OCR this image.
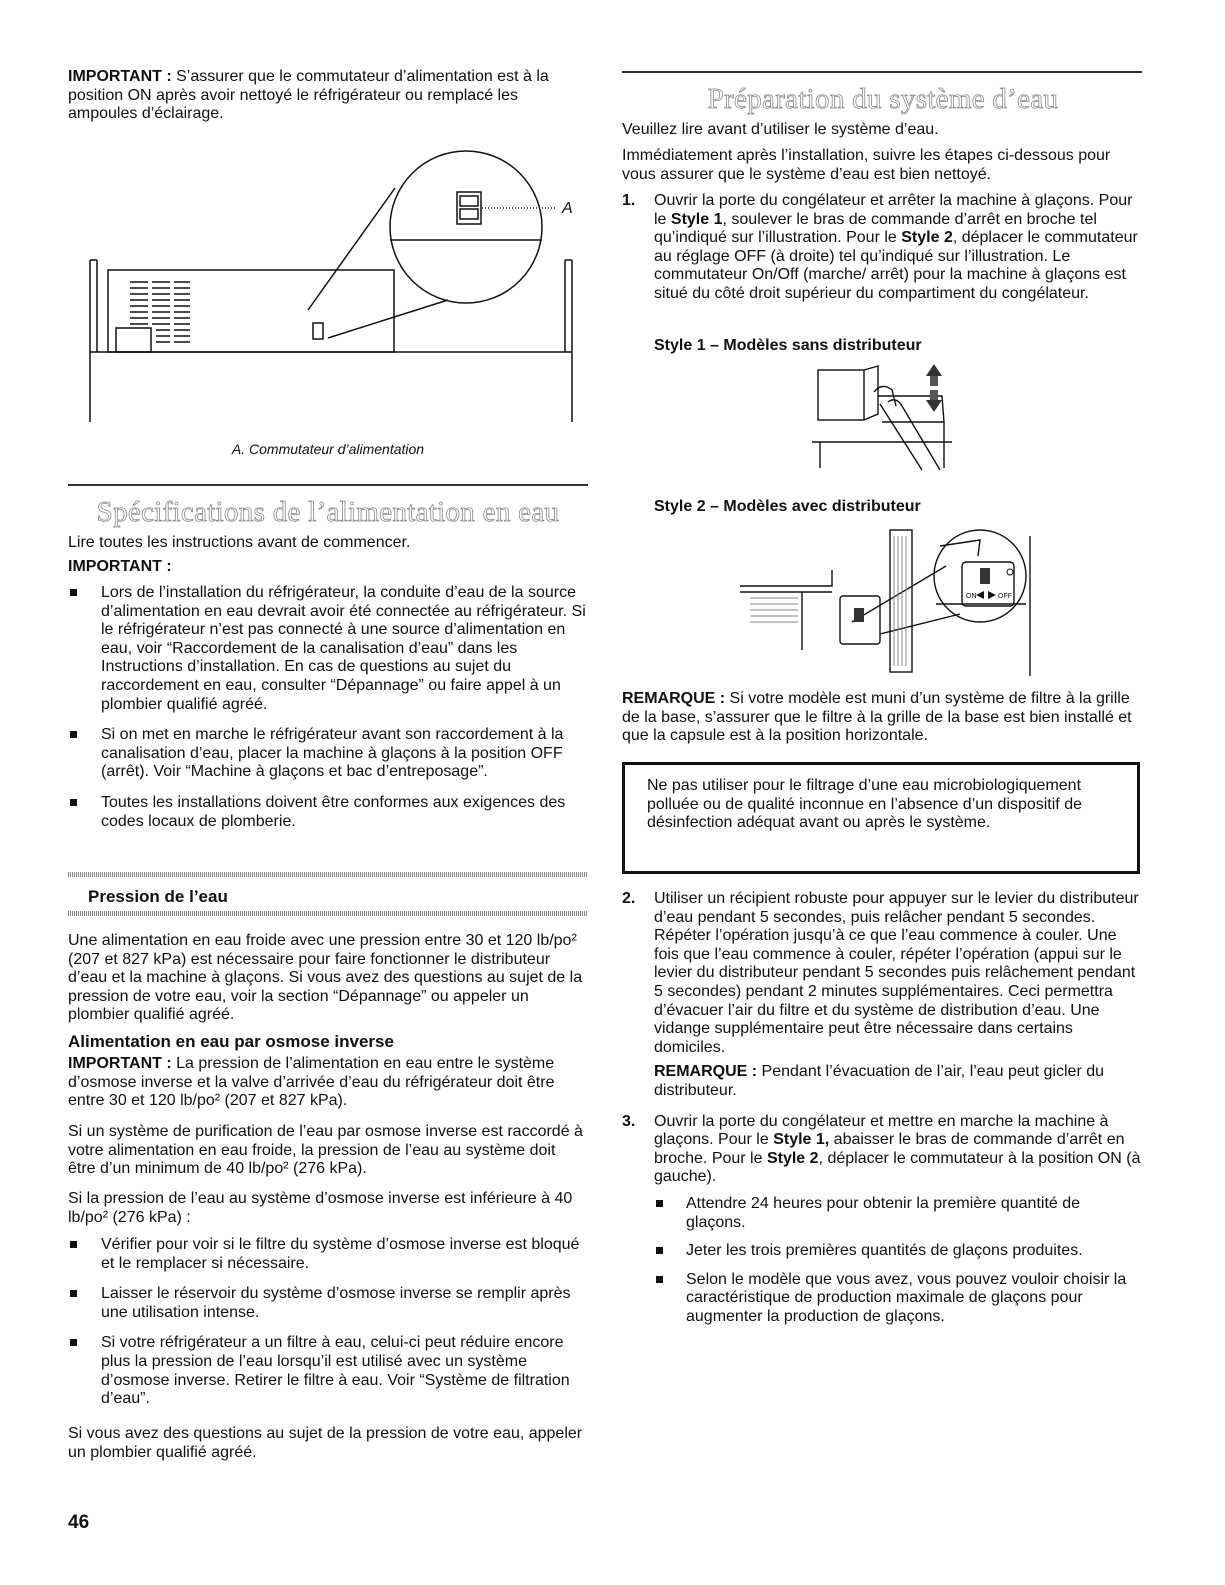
IMPORTANT : S’assurer que le commutateur d’alimentation est à la position ON après avoir nettoyé le réfrigérateur ou remplacé les ampoules d’éclairage.

A

A. Commutateur d’alimentation

Spécifications de l’alimentation en eau

Lire toutes les instructions avant de commencer.

IMPORTANT :

Lors de l’installation du réfrigérateur, la conduite d’eau de la source d’alimentation en eau devrait avoir été connectée au réfrigérateur. Si le réfrigérateur n’est pas connecté à une source d’alimentation en eau, voir “Raccordement de la canalisation d’eau” dans les Instructions d’installation. En cas de questions au sujet du raccordement en eau, consulter “Dépannage” ou faire appel à un plombier qualifié agréé.
Si on met en marche le réfrigérateur avant son raccordement à la canalisation d’eau, placer la machine à glaçons à la position OFF (arrêt). Voir “Machine à glaçons et bac d’entreposage”.
Toutes les installations doivent être conformes aux exigences des codes locaux de plomberie.

Pression de l’eau

Une alimentation en eau froide avec une pression entre 30 et 120 lb/po² (207 et 827 kPa) est nécessaire pour faire fonctionner le distributeur d’eau et la machine à glaçons. Si vous avez des questions au sujet de la pression de votre eau, voir la section “Dépannage” ou appeler un plombier qualifié agréé.

Alimentation en eau par osmose inverse

IMPORTANT : La pression de l’alimentation en eau entre le système d’osmose inverse et la valve d’arrivée d’eau du réfrigérateur doit être entre 30 et 120 lb/po² (207 et 827 kPa).

Si un système de purification de l’eau par osmose inverse est raccordé à votre alimentation en eau froide, la pression de l’eau au système doit être d’un minimum de 40 lb/po² (276 kPa).

Si la pression de l’eau au système d’osmose inverse est inférieure à 40 lb/po² (276 kPa) :

Vérifier pour voir si le filtre du système d’osmose inverse est bloqué et le remplacer si nécessaire.
Laisser le réservoir du système d’osmose inverse se remplir après une utilisation intense.
Si votre réfrigérateur a un filtre à eau, celui-ci peut réduire encore plus la pression de l’eau lorsqu’il est utilisé avec un système d’osmose inverse. Retirer le filtre à eau. Voir “Système de filtration d’eau”.

Si vous avez des questions au sujet de la pression de votre eau, appeler un plombier qualifié agréé.

46

Préparation du système d’eau

Veuillez lire avant d’utiliser le système d’eau.

Immédiatement après l’installation, suivre les étapes ci-dessous pour vous assurer que le système d’eau est bien nettoyé.

1. Ouvrir la porte du congélateur et arrêter la machine à glaçons. Pour le Style 1, soulever le bras de commande d’arrêt en broche tel qu’indiqué sur l’illustration. Pour le Style 2, déplacer le commutateur au réglage OFF (à droite) tel qu’indiqué sur l’illustration. Le commutateur On/Off (marche/ arrêt) pour la machine à glaçons est situé du côté droit supérieur du compartiment du congélateur.

Style 1 – Modèles sans distributeur

Style 2 – Modèles avec distributeur

ON	OFF

REMARQUE : Si votre modèle est muni d’un système de filtre à la grille de la base, s’assurer que le filtre à la grille de la base est bien installé et que la capsule est à la position horizontale.

Ne pas utiliser pour le filtrage d’une eau microbiologiquement polluée ou de qualité inconnue en l’absence d’un dispositif de désinfection adéquat avant ou après le système.

2. Utiliser un récipient robuste pour appuyer sur le levier du distributeur d’eau pendant 5 secondes, puis relâcher pendant 5 secondes. Répéter l’opération jusqu’à ce que l’eau commence à couler. Une fois que l’eau commence à couler, répéter l’opération (appui sur le levier du distributeur pendant 5 secondes puis relâchement pendant 5 secondes) pendant 2 minutes supplémentaires. Ceci permettra d’évacuer l’air du filtre et du système de distribution d’eau. Une vidange supplémentaire peut être nécessaire dans certains domiciles.

REMARQUE : Pendant l’évacuation de l’air, l’eau peut gicler du distributeur.

3. Ouvrir la porte du congélateur et mettre en marche la machine à glaçons. Pour le Style 1, abaisser le bras de commande d’arrêt en broche. Pour le Style 2, déplacer le commutateur à la position ON (à gauche).
Attendre 24 heures pour obtenir la première quantité de glaçons.
Jeter les trois premières quantités de glaçons produites.
Selon le modèle que vous avez, vous pouvez vouloir choisir la caractéristique de production maximale de glaçons pour augmenter la production de glaçons.
